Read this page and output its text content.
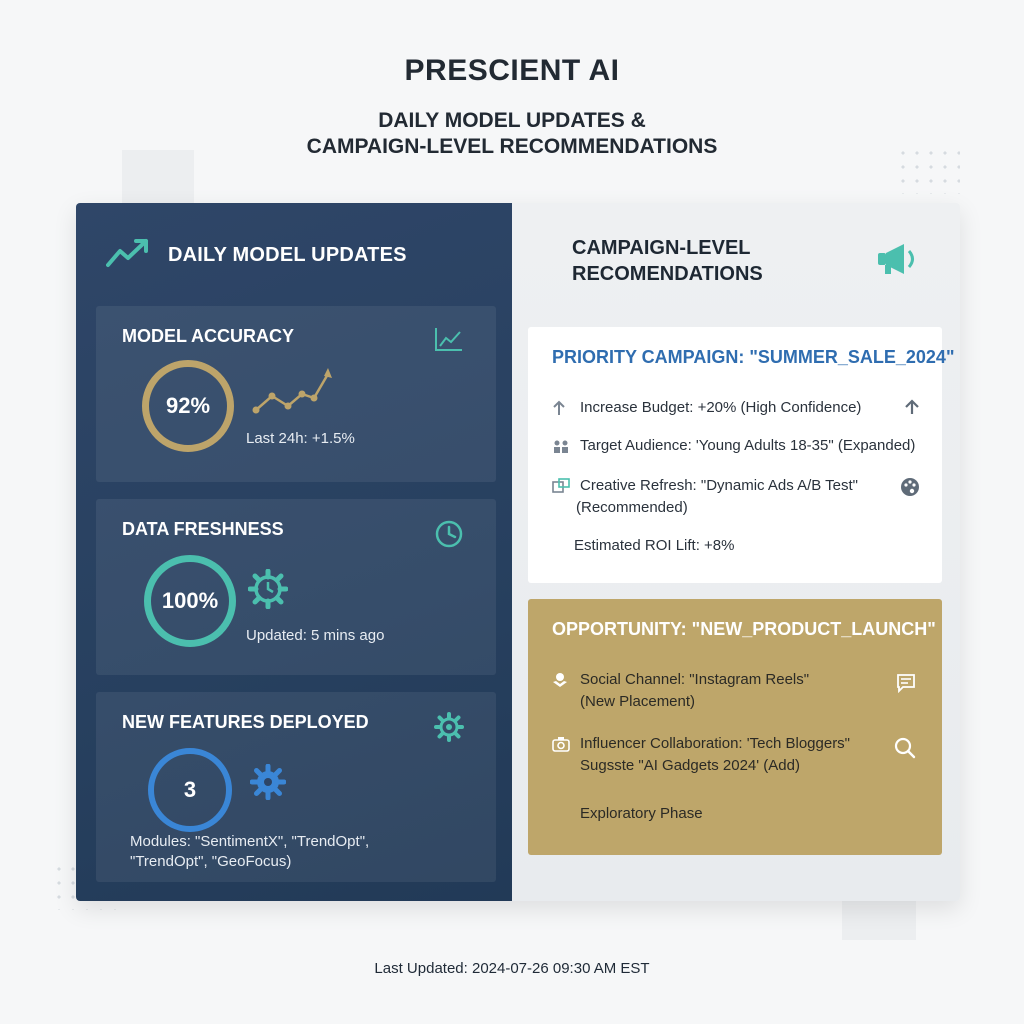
PRESCIENT AI
DAILY MODEL UPDATES &
CAMPAIGN-LEVEL RECOMMENDATIONS
DAILY MODEL UPDATES
MODEL ACCURACY
92%
Last 24h: +1.5%
DATA FRESHNESS
100%
Updated: 5 mins ago
NEW FEATURES DEPLOYED
3
Modules: "SentimentX", "TrendOpt",
"TrendOpt", "GeoFocus)
CAMPAIGN-LEVEL
RECOMENDATIONS
PRIORITY CAMPAIGN: "SUMMER_SALE_2024"
Increase Budget: +20% (High Confidence)
Target Audience: 'Young Adults 18-35" (Expanded)
Creative Refresh: "Dynamic Ads A/B Test"
(Recommended)
Estimated ROI Lift: +8%
OPPORTUNITY: "NEW_PRODUCT_LAUNCH"
Social Channel: "Instagram Reels"
(New Placement)
Influencer Collaboration: 'Tech Bloggers"
Sugsste "AI Gadgets 2024' (Add)
Exploratory Phase
Last Updated: 2024-07-26 09:30 AM EST
